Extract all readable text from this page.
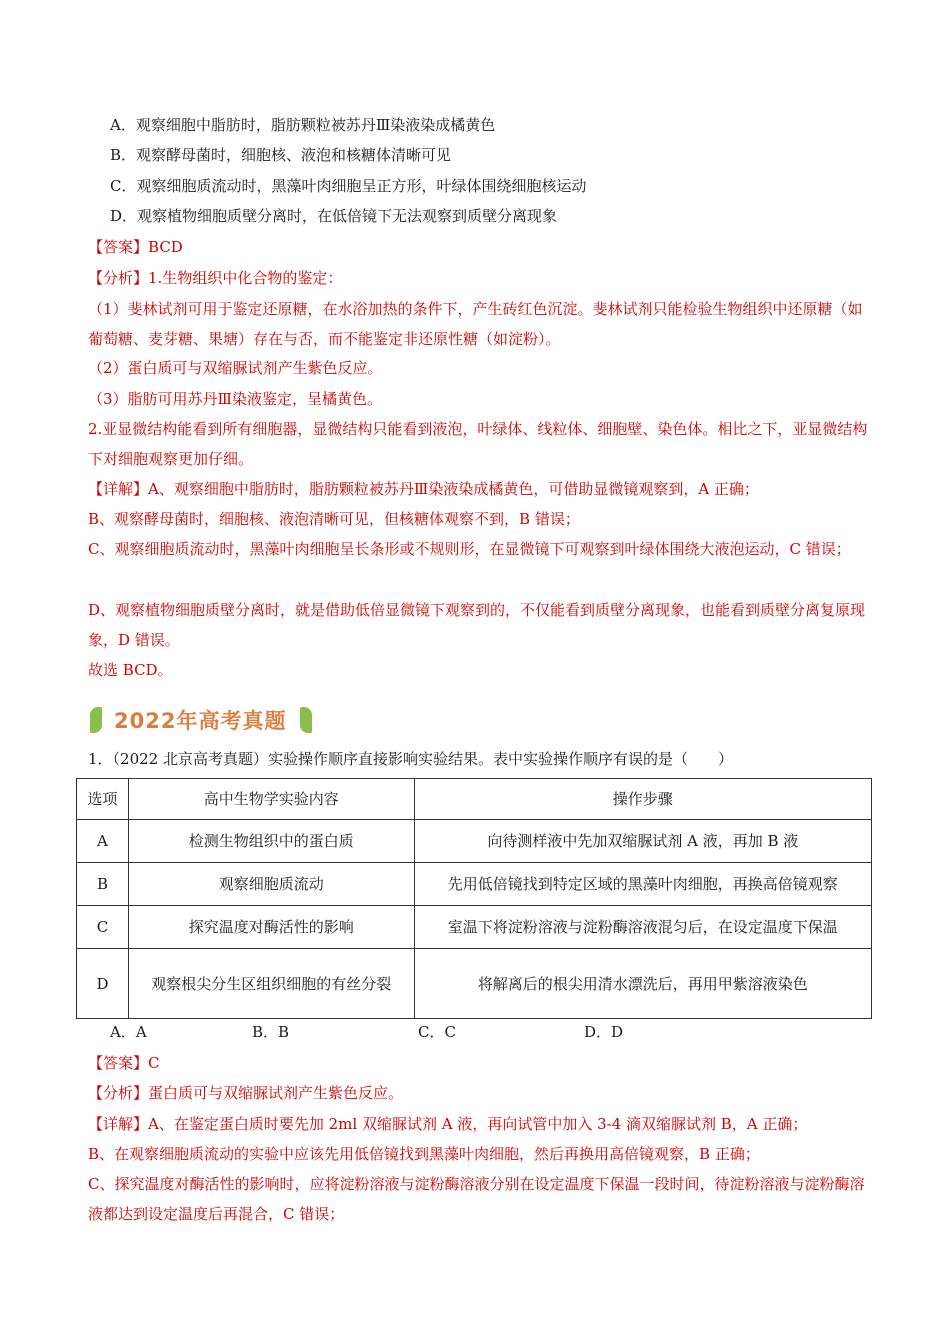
A．观察细胞中脂肪时，脂肪颗粒被苏丹Ⅲ染液染成橘黄色
B．观察酵母菌时，细胞核、液泡和核糖体清晰可见
C．观察细胞质流动时，黑藻叶肉细胞呈正方形，叶绿体围绕细胞核运动
D．观察植物细胞质壁分离时，在低倍镜下无法观察到质壁分离现象
【答案】BCD
【分析】1.生物组织中化合物的鉴定：
（1）斐林试剂可用于鉴定还原糖，在水浴加热的条件下，产生砖红色沉淀。斐林试剂只能检验生物组织中还原糖（如葡萄糖、麦芽糖、果塘）存在与否，而不能鉴定非还原性糖（如淀粉）。
（2）蛋白质可与双缩脲试剂产生紫色反应。
（3）脂肪可用苏丹Ⅲ染液鉴定，呈橘黄色。
2.亚显微结构能看到所有细胞器，显微结构只能看到液泡，叶绿体、线粒体、细胞壁、染色体。相比之下，亚显微结构下对细胞观察更加仔细。
【详解】A、观察细胞中脂肪时，脂肪颗粒被苏丹Ⅲ染液染成橘黄色，可借助显微镜观察到，A 正确；
B、观察酵母菌时，细胞核、液泡清晰可见，但核糖体观察不到，B 错误；
C、观察细胞质流动时，黑藻叶肉细胞呈长条形或不规则形，在显微镜下可观察到叶绿体围绕大液泡运动，C 错误；
D、观察植物细胞质壁分离时，就是借助低倍显微镜下观察到的，不仅能看到质壁分离现象，也能看到质壁分离复原现象，D 错误。
故选 BCD。
2022年高考真题
1．（2022 北京高考真题）实验操作顺序直接影响实验结果。表中实验操作顺序有误的是（　　）
选项	高中生物学实验内容	操作步骤
A	检测生物组织中的蛋白质	向待测样液中先加双缩脲试剂 A 液，再加 B 液
B	观察细胞质流动	先用低倍镜找到特定区域的黑藻叶肉细胞，再换高倍镜观察
C	探究温度对酶活性的影响	室温下将淀粉溶液与淀粉酶溶液混匀后，在设定温度下保温
D	观察根尖分生区组织细胞的有丝分裂	将解离后的根尖用清水漂洗后，再用甲紫溶液染色
A．A	B．B	C．C	D．D
【答案】C
【分析】蛋白质可与双缩脲试剂产生紫色反应。
【详解】A、在鉴定蛋白质时要先加 2ml 双缩脲试剂 A 液，再向试管中加入 3-4 滴双缩脲试剂 B，A 正确；
B、在观察细胞质流动的实验中应该先用低倍镜找到黑藻叶肉细胞，然后再换用高倍镜观察，B 正确；
C、探究温度对酶活性的影响时，应将淀粉溶液与淀粉酶溶液分别在设定温度下保温一段时间，待淀粉溶液与淀粉酶溶液都达到设定温度后再混合，C 错误；
